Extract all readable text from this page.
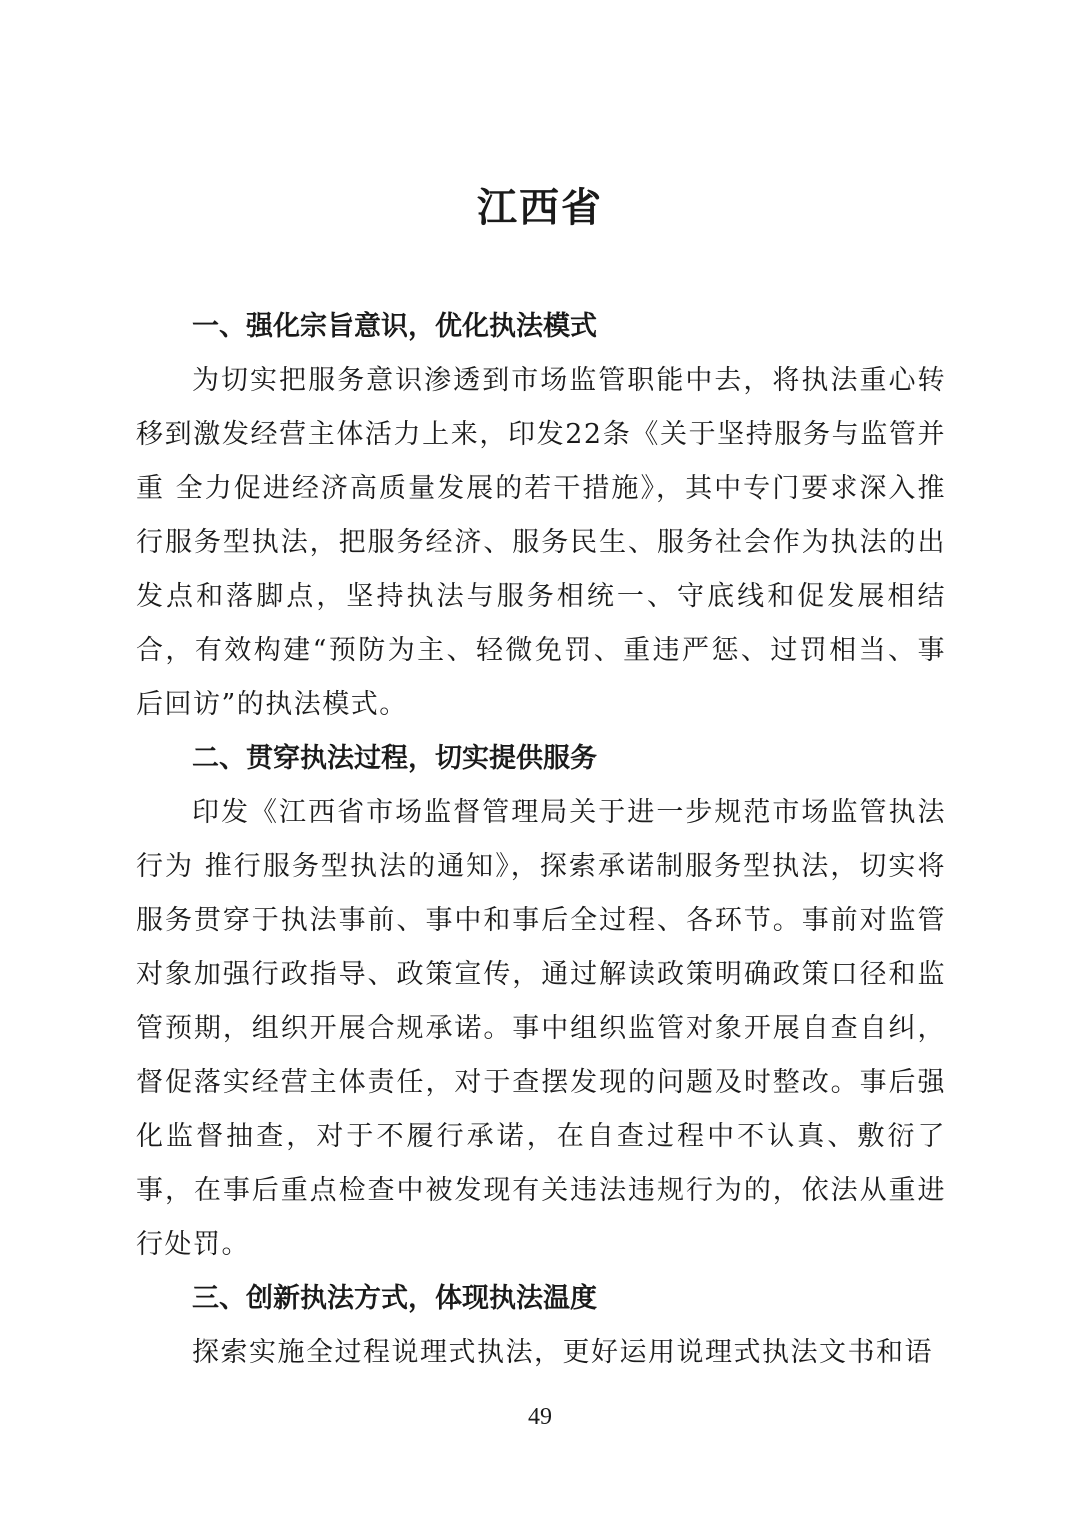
江西省

一、强化宗旨意识，优化执法模式

为切实把服务意识渗透到市场监管职能中去，将执法重心转移到激发经营主体活力上来，印发22条《关于坚持服务与监管并重 全力促进经济高质量发展的若干措施》，其中专门要求深入推行服务型执法，把服务经济、服务民生、服务社会作为执法的出发点和落脚点，坚持执法与服务相统一、守底线和促发展相结合，有效构建“预防为主、轻微免罚、重违严惩、过罚相当、事后回访”的执法模式。

二、贯穿执法过程，切实提供服务

印发《江西省市场监督管理局关于进一步规范市场监管执法行为 推行服务型执法的通知》，探索承诺制服务型执法，切实将服务贯穿于执法事前、事中和事后全过程、各环节。事前对监管对象加强行政指导、政策宣传，通过解读政策明确政策口径和监管预期，组织开展合规承诺。事中组织监管对象开展自查自纠，督促落实经营主体责任，对于查摆发现的问题及时整改。事后强化监督抽查，对于不履行承诺，在自查过程中不认真、敷衍了事，在事后重点检查中被发现有关违法违规行为的，依法从重进行处罚。

三、创新执法方式，体现执法温度

探索实施全过程说理式执法，更好运用说理式执法文书和语

49
